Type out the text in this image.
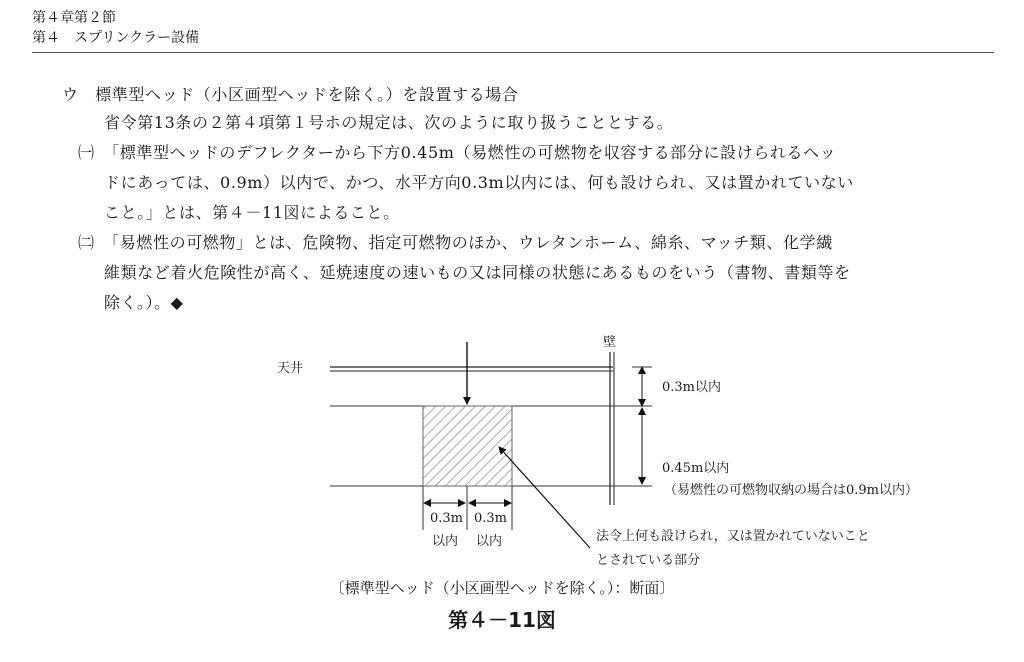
第４章第２節
第４　スプリンクラー設備
ウ　標準型ヘッド（小区画型ヘッドを除く。）を設置する場合
省令第13条の２第４項第１号ホの規定は、次のように取り扱うこととする。
㈠　「標準型ヘッドのデフレクターから下方0.45m（易燃性の可燃物を収容する部分に設けられるヘッ
ドにあっては、0.9m）以内で、かつ、水平方向0.3m以内には、何も設けられ、又は置かれていない
こと。」とは、第４－11図によること。
㈡　「易燃性の可燃物」とは、危険物、指定可燃物のほか、ウレタンホーム、綿糸、マッチ類、化学繊
維類など着火危険性が高く、延焼速度の速いもの又は同様の状態にあるものをいう（書物、書類等を
除く。）。◆
壁
天井
0.3m以内
0.45m以内
（易燃性の可燃物収納の場合は0.9m以内）
0.3m
以内
0.3m
以内	法令上何も設けられ，又は置かれていないこと
とされている部分
〔標準型ヘッド（小区画型ヘッドを除く。）：断面〕
第４－11図
